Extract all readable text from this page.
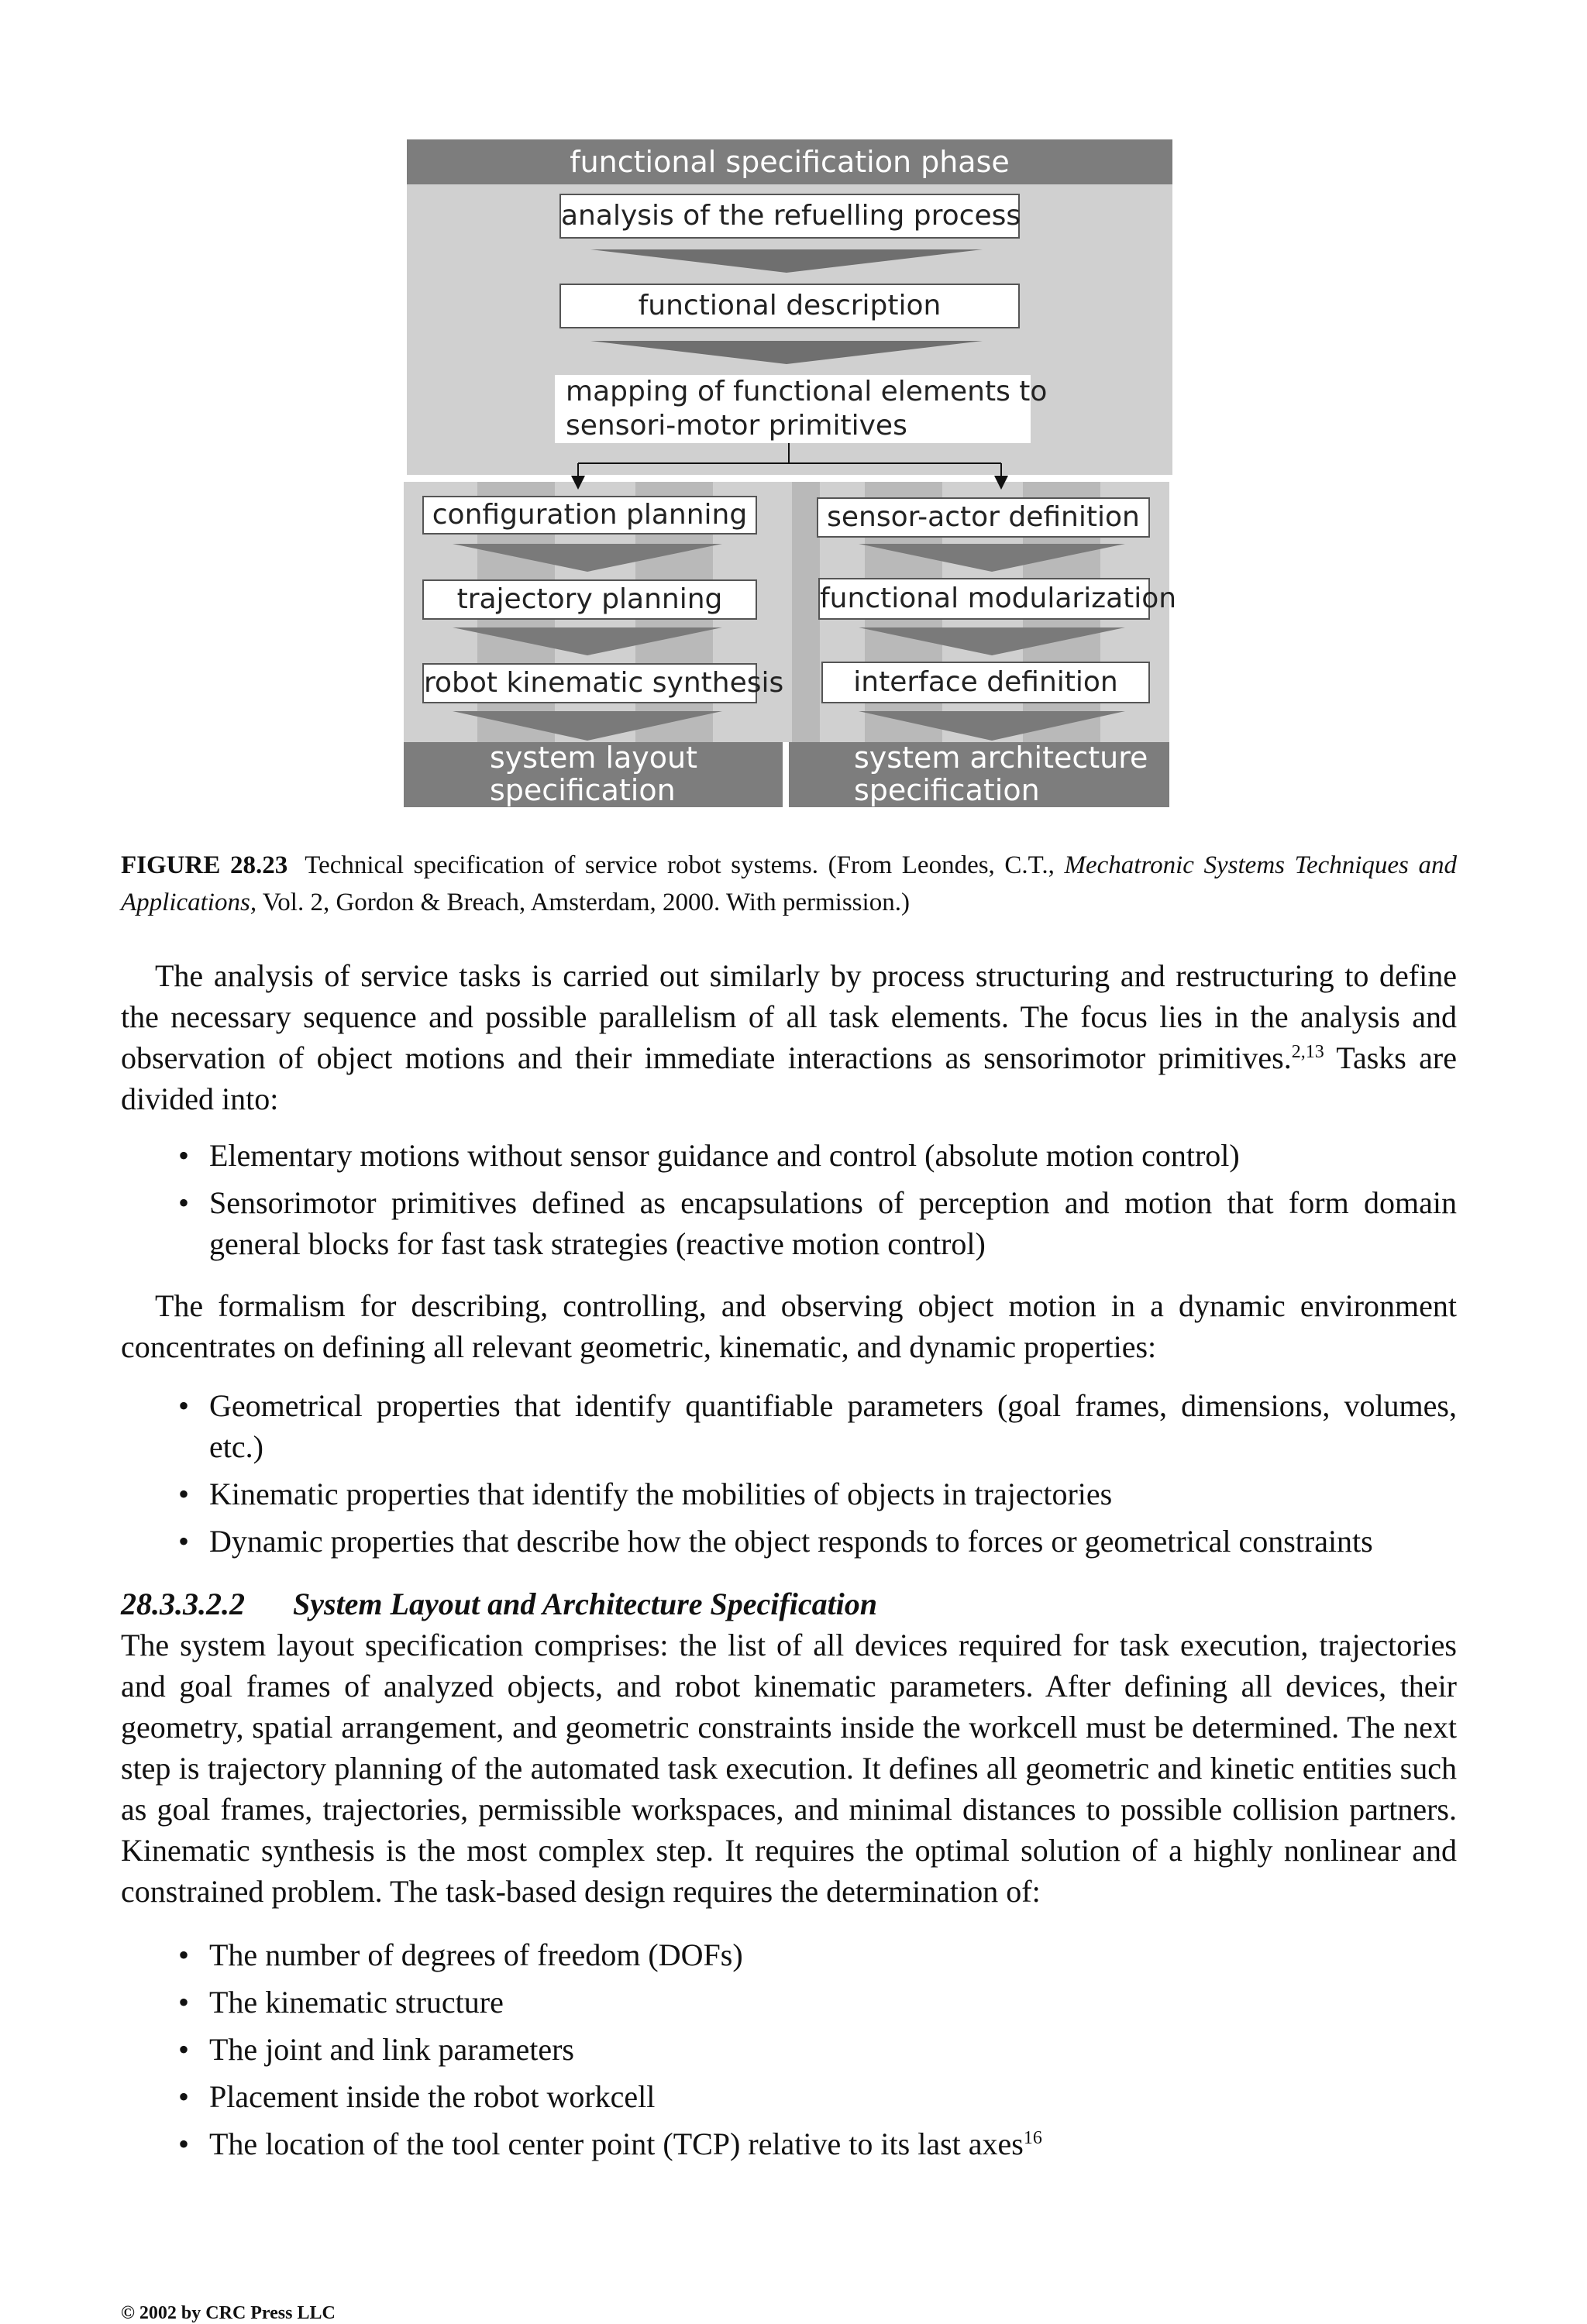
functional specification phase
analysis of the refuelling process
functional description
mapping of functional elements to
sensori-motor primitives
configuration planning
trajectory planning
robot kinematic synthesis
sensor-actor definition
functional modularization
interface definition
system layout
specification
system architecture
specification
FIGURE 28.23 Technical specification of service robot systems. (From Leondes, C.T., Mechatronic Systems Techniques and Applications, Vol. 2, Gordon & Breach, Amsterdam, 2000. With permission.)

The analysis of service tasks is carried out similarly by process structuring and restructuring to define the necessary sequence and possible parallelism of all task elements. The focus lies in the analysis and observation of object motions and their immediate interactions as sensorimotor primitives.$^{2,13}$ Tasks are divided into:

• Elementary motions without sensor guidance and control (absolute motion control)
• Sensorimotor primitives defined as encapsulations of perception and motion that form domain general blocks for fast task strategies (reactive motion control)

The formalism for describing, controlling, and observing object motion in a dynamic environment concentrates on defining all relevant geometric, kinematic, and dynamic properties:

• Geometrical properties that identify quantifiable parameters (goal frames, dimensions, volumes, etc.)
• Kinematic properties that identify the mobilities of objects in trajectories
• Dynamic properties that describe how the object responds to forces or geometrical constraints
28.3.3.2.2 System Layout and Architecture Specification

The system layout specification comprises: the list of all devices required for task execution, trajectories and goal frames of analyzed objects, and robot kinematic parameters. After defining all devices, their geometry, spatial arrangement, and geometric constraints inside the workcell must be determined. The next step is trajectory planning of the automated task execution. It defines all geometric and kinetic entities such as goal frames, trajectories, permissible workspaces, and minimal distances to possible collision partners. Kinematic synthesis is the most complex step. It requires the optimal solution of a highly nonlinear and constrained problem. The task-based design requires the determination of:

• The number of degrees of freedom (DOFs)
• The kinematic structure
• The joint and link parameters
• Placement inside the robot workcell
• The location of the tool center point (TCP) relative to its last axes$^{16}$
© 2002 by CRC Press LLC
